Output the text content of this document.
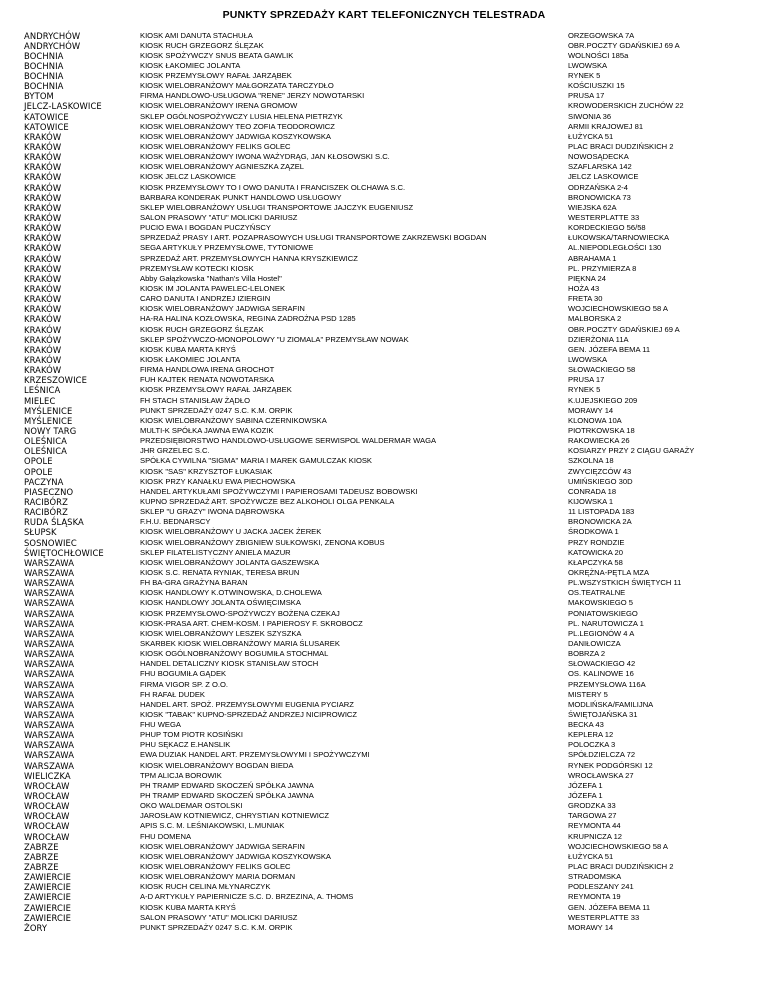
PUNKTY SPRZEDAŻY KART TELEFONICZNYCH TELESTRADA
ANDRYCHÓW	KIOSK AMI DANUTA STACHUŁA	ORZEGOWSKA 7A
ANDRYCHÓW	KIOSK RUCH GRZEGORZ ŚLĘZAK	OBR.POCZTY GDAŃSKIEJ 69 A
BOCHNIA	KIOSK SPOŻYWCZY SNUS BEATA GAWLIK	WOLNOŚCI 185a
BOCHNIA	KIOSK ŁAKOMIEC JOLANTA	LWOWSKA
BOCHNIA	KIOSK PRZEMYSŁOWY RAFAŁ JARZĄBEK	RYNEK 5
BOCHNIA	KIOSK WIELOBRANŻOWY MAŁGORZATA TARCZYDŁO	KOŚCIUSZKI 15
BYTOM	FIRMA HANDLOWO-USŁUGOWA "RENE" JERZY NOWOTARSKI	PRUSA 17
JELCZ-LASKOWICE	KIOSK WIELOBRANŻOWY IRENA GROMOW	KROWODERSKICH ZUCHÓW 22
KATOWICE	SKLEP OGÓLNOSPOŻYWCZY LUSIA HELENA PIETRZYK	SIWONIA 36
KATOWICE	KIOSK WIELOBRANŻOWY TEO ZOFIA TEODOROWICZ	ARMII KRAJOWEJ 81
KRAKÓW	KIOSK WIELOBRANŻOWY JADWIGA KOSZYKOWSKA	ŁUŻYCKA 51
KRAKÓW	KIOSK WIELOBRANŻOWY FELIKS GOLEC	PLAC BRACI DUDZIŃSKICH 2
KRAKÓW	KIOSK WIELOBRANŻOWY IWONA WAŻYDRĄG, JAN KŁOSOWSKI S.C.	NOWOSĄDECKA
KRAKÓW	KIOSK WIELOBRANŻOWY AGNIESZKA ZĄZEL	SZAFLARSKA 142
KRAKÓW	KIOSK JELCZ LASKOWICE	JELCZ LASKOWICE
KRAKÓW	KIOSK PRZEMYSŁOWY TO I OWO DANUTA I FRANCISZEK OLCHAWA S.C.	ODRZAŃSKA 2-4
KRAKÓW	BARBARA KONDERAK PUNKT HANDLOWO USŁUGOWY	BRONOWICKA 73
KRAKÓW	SKLEP WIELOBRANŻOWY USŁUGI TRANSPORTOWE JAJCZYK EUGENIUSZ	WIEJSKA 62A
KRAKÓW	SALON PRASOWY "ATU" MOLICKI DARIUSZ	WESTERPLATTE 33
KRAKÓW	PUCIO EWA I BOGDAN PUCZYŃSCY	KORDECKIEGO 56/58
KRAKÓW	SPRZEDAŻ PRASY I ART. POZAPRASOWYCH USŁUGI TRANSPORTOWE ZAKRZEWSKI BOGDAN	ŁUKOWSKA/TARNOWIECKA
KRAKÓW	SEGA ARTYKUŁY PRZEMYSŁOWE, TYTONIOWE	AL.NIEPODLEGŁOŚCI 130
KRAKÓW	SPRZEDAŻ ART. PRZEMYSŁOWYCH HANNA KRYSZKIEWICZ	ABRAHAMA 1
KRAKÓW	PRZEMYSŁAW KOTECKI KIOSK	PL. PRZYMIERZA 8
KRAKÓW	Abby Gałązkowska "Nathan's Villa Hostel"	PIĘKNA 24
KRAKÓW	KIOSK IM JOLANTA PAWELEC-LELONEK	HOŻA 43
KRAKÓW	CARO DANUTA I ANDRZEJ IZIERGIN	FRETA 30
KRAKÓW	KIOSK WIELOBRANŻOWY JADWIGA SERAFIN	WOJCIECHOWSKIEGO 58 A
KRAKÓW	HA-RA HALINA KOZŁOWSKA, REGINA ZADROŻNA PSD 1285	MALBORSKA 2
KRAKÓW	KIOSK RUCH GRZEGORZ ŚLĘZAK	OBR.POCZTY GDAŃSKIEJ 69 A
KRAKÓW	SKLEP SPOŻYWCZO-MONOPOLOWY "U ZIOMALA" PRZEMYSŁAW NOWAK	DZIERŻONIA 11A
KRAKÓW	KIOSK KUBA MARTA KRYŚ	GEN. JÓZEFA BEMA 11
KRAKÓW	KIOSK ŁAKOMIEC JOLANTA	LWOWSKA
KRAKÓW	FIRMA HANDLOWA IRENA GROCHOT	SŁOWACKIEGO 58
KRZESZOWICE	FUH KAJTEK RENATA NOWOTARSKA	PRUSA 17
LEŚNICA	KIOSK PRZEMYSŁOWY RAFAŁ JARZĄBEK	RYNEK 5
MIELEC	FH STACH STANISŁAW ŻĄDŁO	K.UJEJSKIEGO 209
MYŚLENICE	PUNKT SPRZEDAŻY 0247 S.C. K.M. ORPIK	MORAWY 14
MYŚLENICE	KIOSK WIELOBRANŻOWY SABINA CZERNIKOWSKA	KLONOWA 10A
NOWY TARG	MULTI-K SPÓŁKA JAWNA EWA KOZIK	PIOTRKOWSKA 18
OLEŚNICA	PRZEDSIĘBIORSTWO HANDLOWO-USŁUGOWE SERWISPOL WALDERMAR WAGA	RAKOWIECKA 26
OLEŚNICA	JHR GRZELEC S.C.	KOSIARZY PRZY 2 CIĄGU GARAŻY
OPOLE	SPÓŁKA CYWILNA "SIGMA" MARIA I MAREK GAMULCZAK KIOSK	SZKOLNA 18
OPOLE	KIOSK "SAS" KRZYSZTOF ŁUKASIAK	ZWYCIĘZCÓW 43
PACZYNA	KIOSK PRZY KANAŁKU EWA PIECHOWSKA	UMIŃSKIEGO 30D
PIASECZNO	HANDEL ARTYKUŁAMI SPOŻYWCZYMI I PAPIEROSAMI TADEUSZ BOBOWSKI	CONRADA 18
RACIBÓRZ	KUPNO SPRZEDAŻ ART. SPOŻYWCZE BEZ ALKOHOLI OLGA PENKALA	KIJOWSKA 1
RACIBÓRZ	SKLEP "U GRAZY" IWONA DĄBROWSKA	11 LISTOPADA 183
RUDA ŚLĄSKA	F.H.U. BEDNARSCY	BRONOWICKA 2A
SŁUPSK	KIOSK WIELOBRANŻOWY U JACKA JACEK ŻEREK	ŚRODKOWA 1
SOSNOWIEC	KIOSK WIELOBRANŻOWY ZBIGNIEW SUŁKOWSKI, ZENONA KOBUS	PRZY RONDZIE
ŚWIĘTOCHŁOWICE	SKLEP FILATELISTYCZNY ANIELA MAZUR	KATOWICKA 20
WARSZAWA	KIOSK WIELOBRANŻOWY JOLANTA GASZEWSKA	KŁAPCZYKA 58
WARSZAWA	KIOSK S.C. RENATA RYNIAK, TERESA BRUN	OKRĘŻNA-PĘTLA MZA
WARSZAWA	FH BA-GRA GRAŻYNA BARAN	PL.WSZYSTKICH ŚWIĘTYCH 11
WARSZAWA	KIOSK HANDLOWY K.OTWINOWSKA, D.CHOLEWA	OS.TEATRALNE
WARSZAWA	KIOSK HANDLOWY JOLANTA OŚWIĘCIMSKA	MAKOWSKIEGO 5
WARSZAWA	KIOSK PRZEMYSŁOWO-SPOŻYWCZY BOŻENA CZEKAJ	PONIATOWSKIEGO
WARSZAWA	KIOSK-PRASA ART. CHEM-KOSM. I PAPIEROSY F. SKROBOCZ	PL. NARUTOWICZA 1
WARSZAWA	KIOSK WIELOBRANŻOWY LESZEK SZYSZKA	PL.LEGIONÓW 4 A
WARSZAWA	SKARBEK KIOSK WIELOBRANŻOWY MARIA ŚLUSAREK	DANIŁOWICZA
WARSZAWA	KIOSK OGÓLNOBRANŻOWY BOGUMIŁA STOCHMAL	BOBRZA 2
WARSZAWA	HANDEL DETALICZNY KIOSK STANISŁAW STOCH	SŁOWACKIEGO 42
WARSZAWA	FHU BOGUMIŁA GĄDEK	OS. KALINOWE 16
WARSZAWA	FIRMA VIGOR SP. Z O.O.	PRZEMYSŁOWA 116A
WARSZAWA	FH RAFAŁ DUDEK	MISTERY 5
WARSZAWA	HANDEL ART. SPOŻ. PRZEMYSŁOWYMI EUGENIA PYCIARZ	MODLIŃSKA/FAMILIJNA
WARSZAWA	KIOSK "TABAK" KUPNO-SPRZEDAŻ ANDRZEJ NICIPROWICZ	ŚWIĘTOJAŃSKA 31
WARSZAWA	FHU WEGA	BECKA 43
WARSZAWA	PHUP TOM PIOTR KOSIŃSKI	KEPLERA 12
WARSZAWA	PHU SĘKACZ E.HANSLIK	POLOCZKA 3
WARSZAWA	EWA DUZIAK HANDEL ART. PRZEMYSŁOWYMI I SPOŻYWCZYMI	SPÓŁDZIELCZA 72
WARSZAWA	KIOSK WIELOBRANŻOWY BOGDAN BIEDA	RYNEK PODGÓRSKI 12
WIELICZKA	TPM ALICJA BOROWIK	WROCŁAWSKA 27
WROCŁAW	PH TRAMP EDWARD SKOCZEŃ SPÓŁKA JAWNA	JÓZEFA 1
WROCŁAW	PH TRAMP EDWARD SKOCZEŃ SPÓŁKA JAWNA	JÓZEFA 1
WROCŁAW	OKO WALDEMAR OSTOLSKI	GRODZKA 33
WROCŁAW	JAROSŁAW KOTNIEWICZ, CHRYSTIAN KOTNIEWICZ	TARGOWA 27
WROCŁAW	APIS S.C. M. LEŚNIAKOWSKI, L.MUNIAK	REYMONTA 44
WROCŁAW	FHU DOMENA	KRUPNICZA 12
ZABRZE	KIOSK WIELOBRANŻOWY JADWIGA SERAFIN	WOJCIECHOWSKIEGO 58 A
ZABRZE	KIOSK WIELOBRANŻOWY JADWIGA KOSZYKOWSKA	ŁUŻYCKA 51
ZABRZE	KIOSK WIELOBRANŻOWY FELIKS GOLEC	PLAC BRACI DUDZIŃSKICH 2
ZAWIERCIE	KIOSK WIELOBRANŻOWY MARIA DORMAN	STRADOMSKA
ZAWIERCIE	KIOSK RUCH CELINA MŁYNARCZYK	PODLESZANY 241
ZAWIERCIE	A-D ARTYKUŁY PAPIERNICZE S.C. D. BRZEZINA, A. THOMS	REYMONTA 19
ZAWIERCIE	KIOSK KUBA MARTA KRYŚ	GEN. JÓZEFA BEMA 11
ZAWIERCIE	SALON PRASOWY "ATU" MOLICKI DARIUSZ	WESTERPLATTE 33
ŻORY	PUNKT SPRZEDAŻY 0247 S.C. K.M. ORPIK	MORAWY 14
